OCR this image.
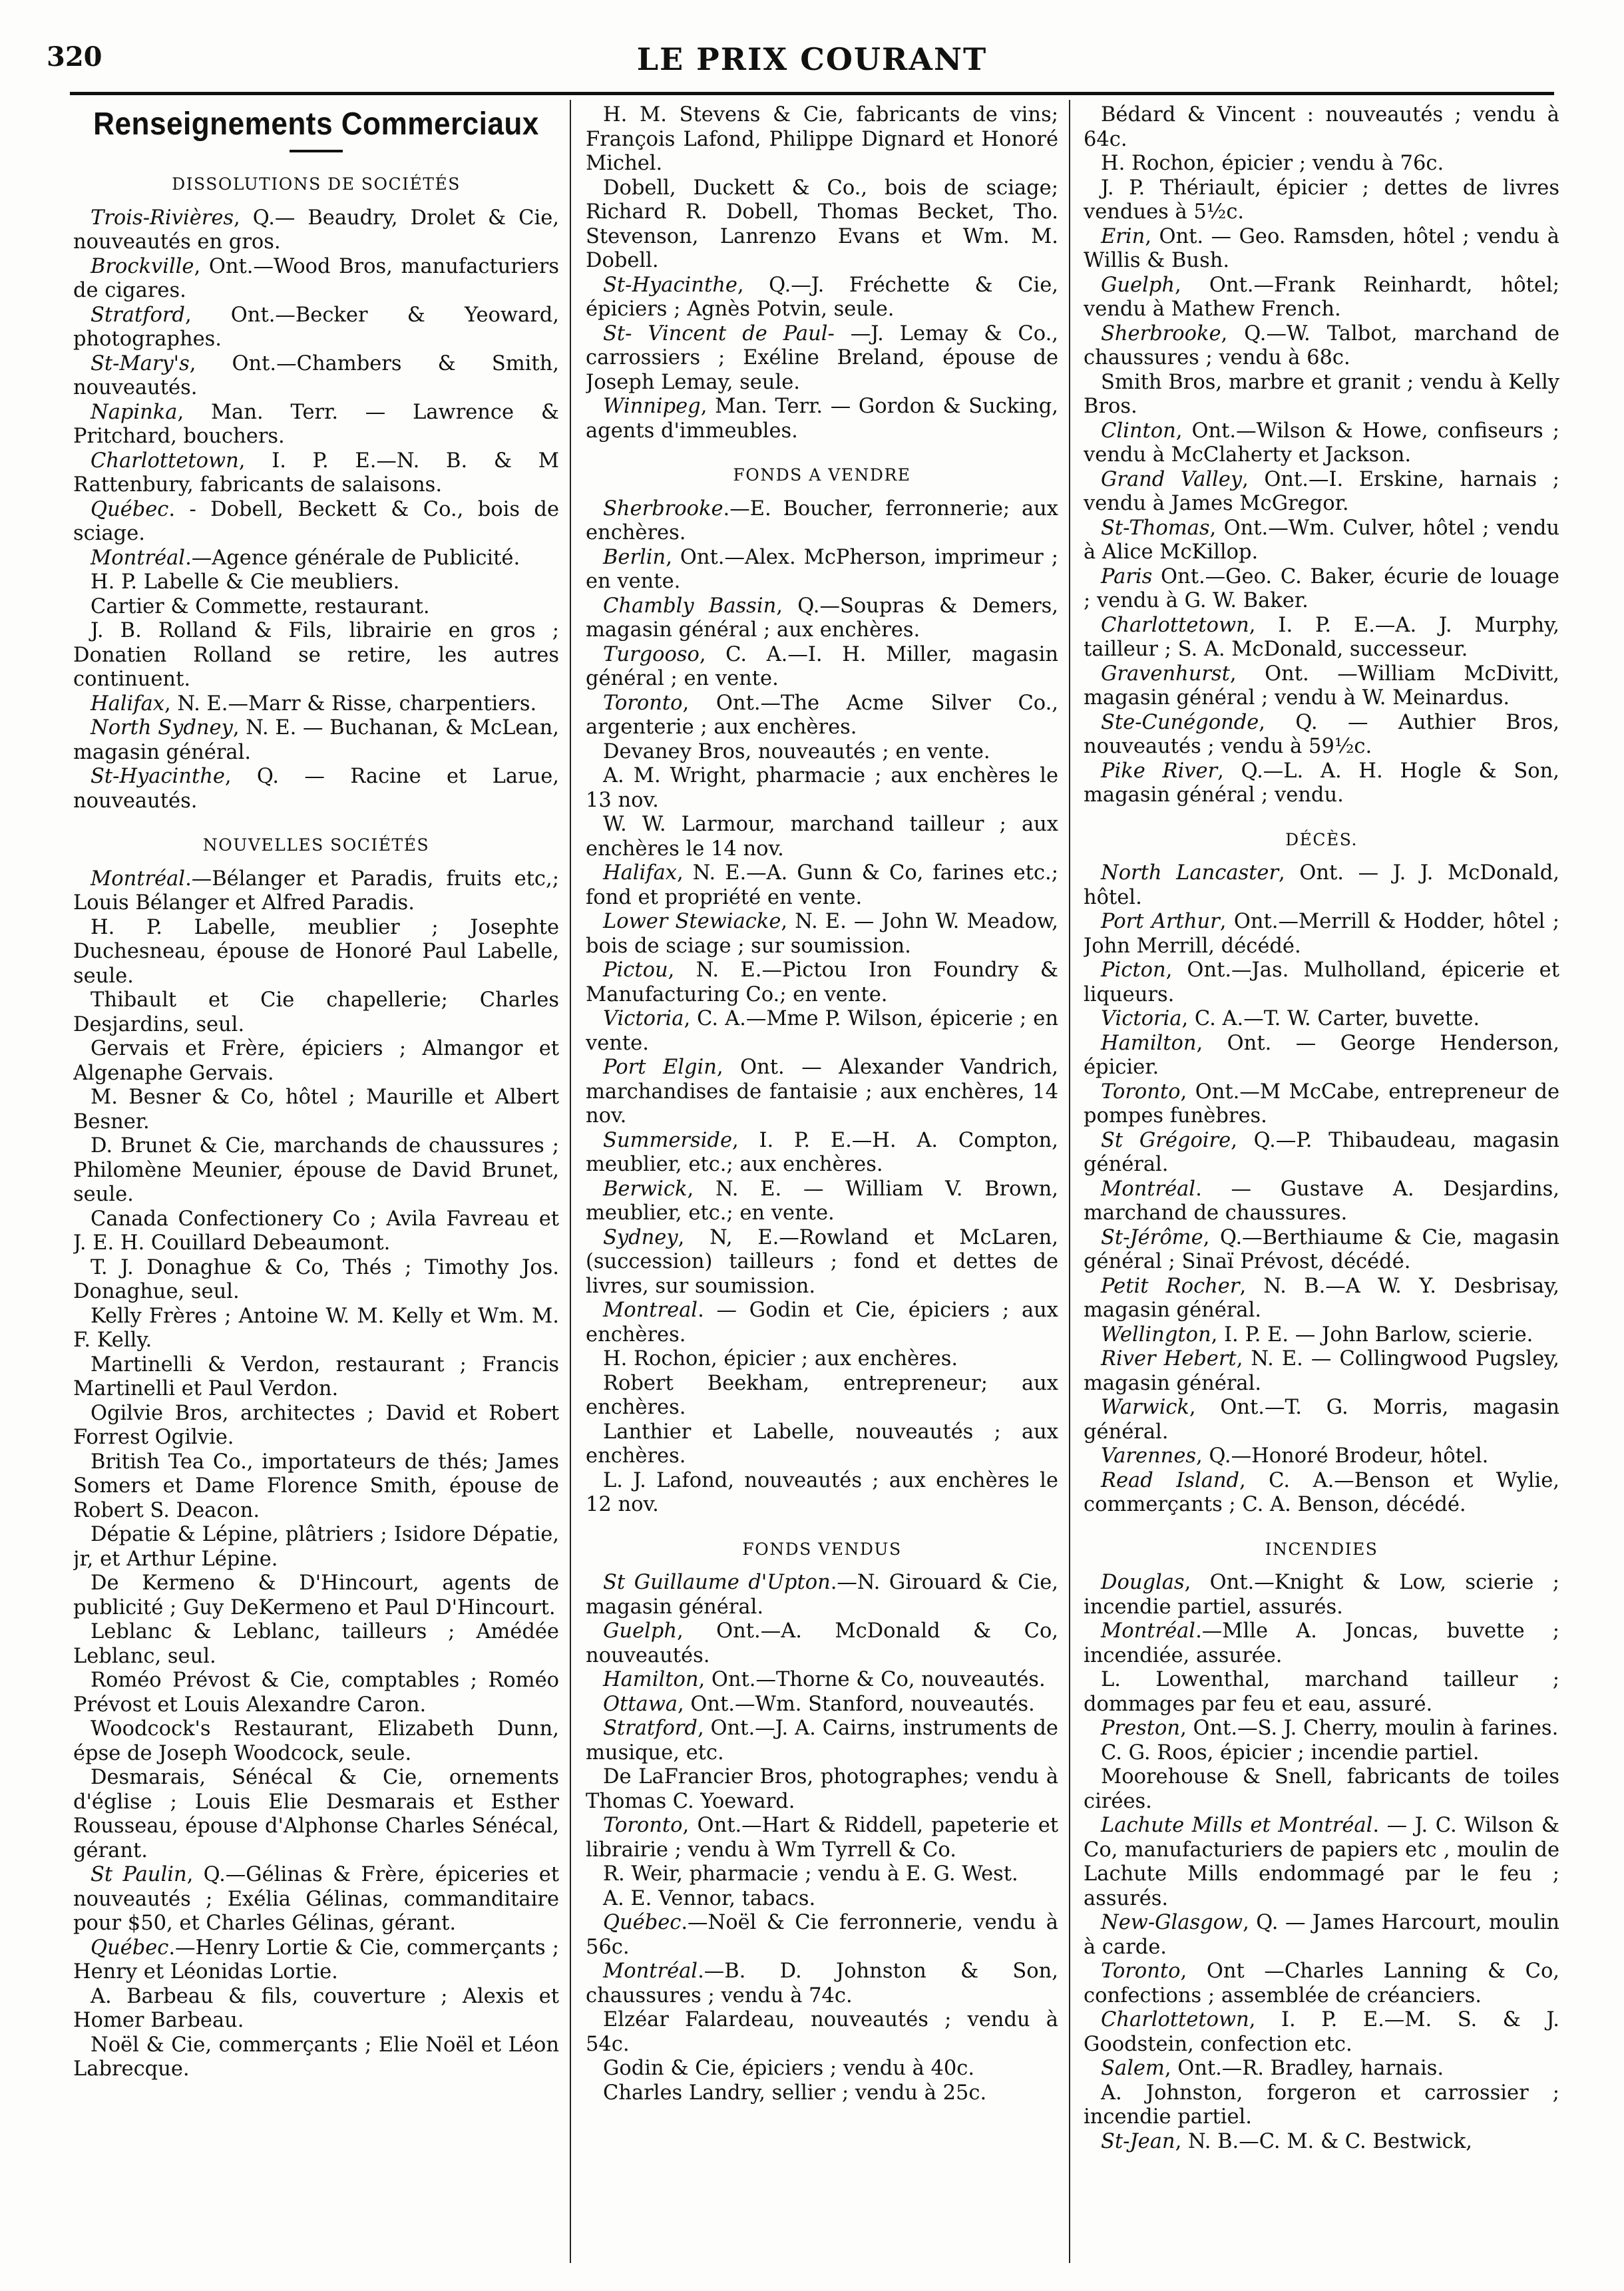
320	LE PRIX COURANT
Renseignements Commerciaux
DISSOLUTIONS DE SOCIÉTÉS

Trois-Rivières, Q.— Beaudry, Drolet & Cie, nouveautés en gros.

Brockville, Ont.—Wood Bros, manufacturiers de cigares.

Stratford, Ont.—Becker & Yeoward, photographes.

St-Mary's, Ont.—Chambers & Smith, nouveautés.

Napinka, Man. Terr. — Lawrence & Pritchard, bouchers.

Charlottetown, I. P. E.—N. B. & M Rattenbury, fabricants de salaisons.

Québec. - Dobell, Beckett & Co., bois de sciage.

Montréal.—Agence générale de Publicité.

H. P. Labelle & Cie meubliers.

Cartier & Commette, restaurant.

J. B. Rolland & Fils, librairie en gros ; Donatien Rolland se retire, les autres continuent.

Halifax, N. E.—Marr & Risse, charpentiers.

North Sydney, N. E. — Buchanan, & McLean, magasin général.

St-Hyacinthe, Q. — Racine et Larue, nouveautés.

NOUVELLES SOCIÉTÉS

Montréal.—Bélanger et Paradis, fruits etc,; Louis Bélanger et Alfred Paradis.

H. P. Labelle, meublier ; Josephte Duchesneau, épouse de Honoré Paul Labelle, seule.

Thibault et Cie chapellerie; Charles Desjardins, seul.

Gervais et Frère, épiciers ; Almangor et Algenaphe Gervais.

M. Besner & Co, hôtel ; Maurille et Albert Besner.

D. Brunet & Cie, marchands de chaussures ; Philomène Meunier, épouse de David Brunet, seule.

Canada Confectionery Co ; Avila Favreau et J. E. H. Couillard Debeaumont.

T. J. Donaghue & Co, Thés ; Timothy Jos. Donaghue, seul.

Kelly Frères ; Antoine W. M. Kelly et Wm. M. F. Kelly.

Martinelli & Verdon, restaurant ; Francis Martinelli et Paul Verdon.

Ogilvie Bros, architectes ; David et Robert Forrest Ogilvie.

British Tea Co., importateurs de thés; James Somers et Dame Florence Smith, épouse de Robert S. Deacon.

Dépatie & Lépine, plâtriers ; Isidore Dépatie, jr, et Arthur Lépine.

De Kermeno & D'Hincourt, agents de publicité ; Guy DeKermeno et Paul D'Hincourt.

Leblanc & Leblanc, tailleurs ; Amédée Leblanc, seul.

Roméo Prévost & Cie, comptables ; Roméo Prévost et Louis Alexandre Caron.

Woodcock's Restaurant, Elizabeth Dunn, épse de Joseph Woodcock, seule.

Desmarais, Sénécal & Cie, ornements d'église ; Louis Elie Desmarais et Esther Rousseau, épouse d'Alphonse Charles Sénécal, gérant.

St Paulin, Q.—Gélinas & Frère, épiceries et nouveautés ; Exélia Gélinas, commanditaire pour $50, et Charles Gélinas, gérant.

Québec.—Henry Lortie & Cie, commerçants ; Henry et Léonidas Lortie.

A. Barbeau & fils, couverture ; Alexis et Homer Barbeau.

Noël & Cie, commerçants ; Elie Noël et Léon Labrecque.

H. M. Stevens & Cie, fabricants de vins; François Lafond, Philippe Dignard et Honoré Michel.

Dobell, Duckett & Co., bois de sciage; Richard R. Dobell, Thomas Becket, Tho. Stevenson, Lanrenzo Evans et Wm. M. Dobell.

St-Hyacinthe, Q.—J. Fréchette & Cie, épiciers ; Agnès Potvin, seule.

St- Vincent de Paul- —J. Lemay & Co., carrossiers ; Exéline Breland, épouse de Joseph Lemay, seule.

Winnipeg, Man. Terr. — Gordon & Sucking, agents d'immeubles.

FONDS A VENDRE

Sherbrooke.—E. Boucher, ferronnerie; aux enchères.

Berlin, Ont.—Alex. McPherson, imprimeur ; en vente.

Chambly Bassin, Q.—Soupras & Demers, magasin général ; aux enchères.

Turgooso, C. A.—I. H. Miller, magasin général ; en vente.

Toronto, Ont.—The Acme Silver Co., argenterie ; aux enchères.

Devaney Bros, nouveautés ; en vente.

A. M. Wright, pharmacie ; aux enchères le 13 nov.

W. W. Larmour, marchand tailleur ; aux enchères le 14 nov.

Halifax, N. E.—A. Gunn & Co, farines etc.; fond et propriété en vente.

Lower Stewiacke, N. E. — John W. Meadow, bois de sciage ; sur soumission.

Pictou, N. E.—Pictou Iron Foundry & Manufacturing Co.; en vente.

Victoria, C. A.—Mme P. Wilson, épicerie ; en vente.

Port Elgin, Ont. — Alexander Vandrich, marchandises de fantaisie ; aux enchères, 14 nov.

Summerside, I. P. E.—H. A. Compton, meublier, etc.; aux enchères.

Berwick, N. E. — William V. Brown, meublier, etc.; en vente.

Sydney, N, E.—Rowland et McLaren, (succession) tailleurs ; fond et dettes de livres, sur soumission.

Montreal. — Godin et Cie, épiciers ; aux enchères.

H. Rochon, épicier ; aux enchères.

Robert Beekham, entrepreneur; aux enchères.

Lanthier et Labelle, nouveautés ; aux enchères.

L. J. Lafond, nouveautés ; aux enchères le 12 nov.

FONDS VENDUS

St Guillaume d'Upton.—N. Girouard & Cie, magasin général.

Guelph, Ont.—A. McDonald & Co, nouveautés.

Hamilton, Ont.—Thorne & Co, nouveautés.

Ottawa, Ont.—Wm. Stanford, nouveautés.

Stratford, Ont.—J. A. Cairns, instruments de musique, etc.

De LaFrancier Bros, photographes; vendu à Thomas C. Yoeward.

Toronto, Ont.—Hart & Riddell, papeterie et librairie ; vendu à Wm Tyrrell & Co.

R. Weir, pharmacie ; vendu à E. G. West.

A. E. Vennor, tabacs.

Québec.—Noël & Cie ferronnerie, vendu à 56c.

Montréal.—B. D. Johnston & Son, chaussures ; vendu à 74c.

Elzéar Falardeau, nouveautés ; vendu à 54c.

Godin & Cie, épiciers ; vendu à 40c.

Charles Landry, sellier ; vendu à 25c.

Bédard & Vincent : nouveautés ; vendu à 64c.

H. Rochon, épicier ; vendu à 76c.

J. P. Thériault, épicier ; dettes de livres vendues à 5½c.

Erin, Ont. — Geo. Ramsden, hôtel ; vendu à Willis & Bush.

Guelph, Ont.—Frank Reinhardt, hôtel; vendu à Mathew French.

Sherbrooke, Q.—W. Talbot, marchand de chaussures ; vendu à 68c.

Smith Bros, marbre et granit ; vendu à Kelly Bros.

Clinton, Ont.—Wilson & Howe, confiseurs ; vendu à McClaherty et Jackson.

Grand Valley, Ont.—I. Erskine, harnais ; vendu à James McGregor.

St-Thomas, Ont.—Wm. Culver, hôtel ; vendu à Alice McKillop.

Paris Ont.—Geo. C. Baker, écurie de louage ; vendu à G. W. Baker.

Charlottetown, I. P. E.—A. J. Murphy, tailleur ; S. A. McDonald, successeur.

Gravenhurst, Ont. —William McDivitt, magasin général ; vendu à W. Meinardus.

Ste-Cunégonde, Q. — Authier Bros, nouveautés ; vendu à 59½c.

Pike River, Q.—L. A. H. Hogle & Son, magasin général ; vendu.

DÉCÈS.

North Lancaster, Ont. — J. J. McDonald, hôtel.

Port Arthur, Ont.—Merrill & Hodder, hôtel ; John Merrill, décédé.

Picton, Ont.—Jas. Mulholland, épicerie et liqueurs.

Victoria, C. A.—T. W. Carter, buvette.

Hamilton, Ont. — George Henderson, épicier.

Toronto, Ont.—M McCabe, entrepreneur de pompes funèbres.

St Grégoire, Q.—P. Thibaudeau, magasin général.

Montréal. — Gustave A. Desjardins, marchand de chaussures.

St-Jérôme, Q.—Berthiaume & Cie, magasin général ; Sinaï Prévost, décédé.

Petit Rocher, N. B.—A W. Y. Desbrisay, magasin général.

Wellington, I. P. E. — John Barlow, scierie.

River Hebert, N. E. — Collingwood Pugsley, magasin général.

Warwick, Ont.—T. G. Morris, magasin général.

Varennes, Q.—Honoré Brodeur, hôtel.

Read Island, C. A.—Benson et Wylie, commerçants ; C. A. Benson, décédé.

INCENDIES

Douglas, Ont.—Knight & Low, scierie ; incendie partiel, assurés.

Montréal.—Mlle A. Joncas, buvette ; incendiée, assurée.

L. Lowenthal, marchand tailleur ; dommages par feu et eau, assuré.

Preston, Ont.—S. J. Cherry, moulin à farines.

C. G. Roos, épicier ; incendie partiel.

Moorehouse & Snell, fabricants de toiles cirées.

Lachute Mills et Montréal. — J. C. Wilson & Co, manufacturiers de papiers etc , moulin de Lachute Mills endommagé par le feu ; assurés.

New-Glasgow, Q. — James Harcourt, moulin à carde.

Toronto, Ont —Charles Lanning & Co, confections ; assemblée de créanciers.

Charlottetown, I. P. E.—M. S. & J. Goodstein, confection etc.

Salem, Ont.—R. Bradley, harnais.

A. Johnston, forgeron et carrossier ; incendie partiel.

St-Jean, N. B.—C. M. & C. Bestwick,
